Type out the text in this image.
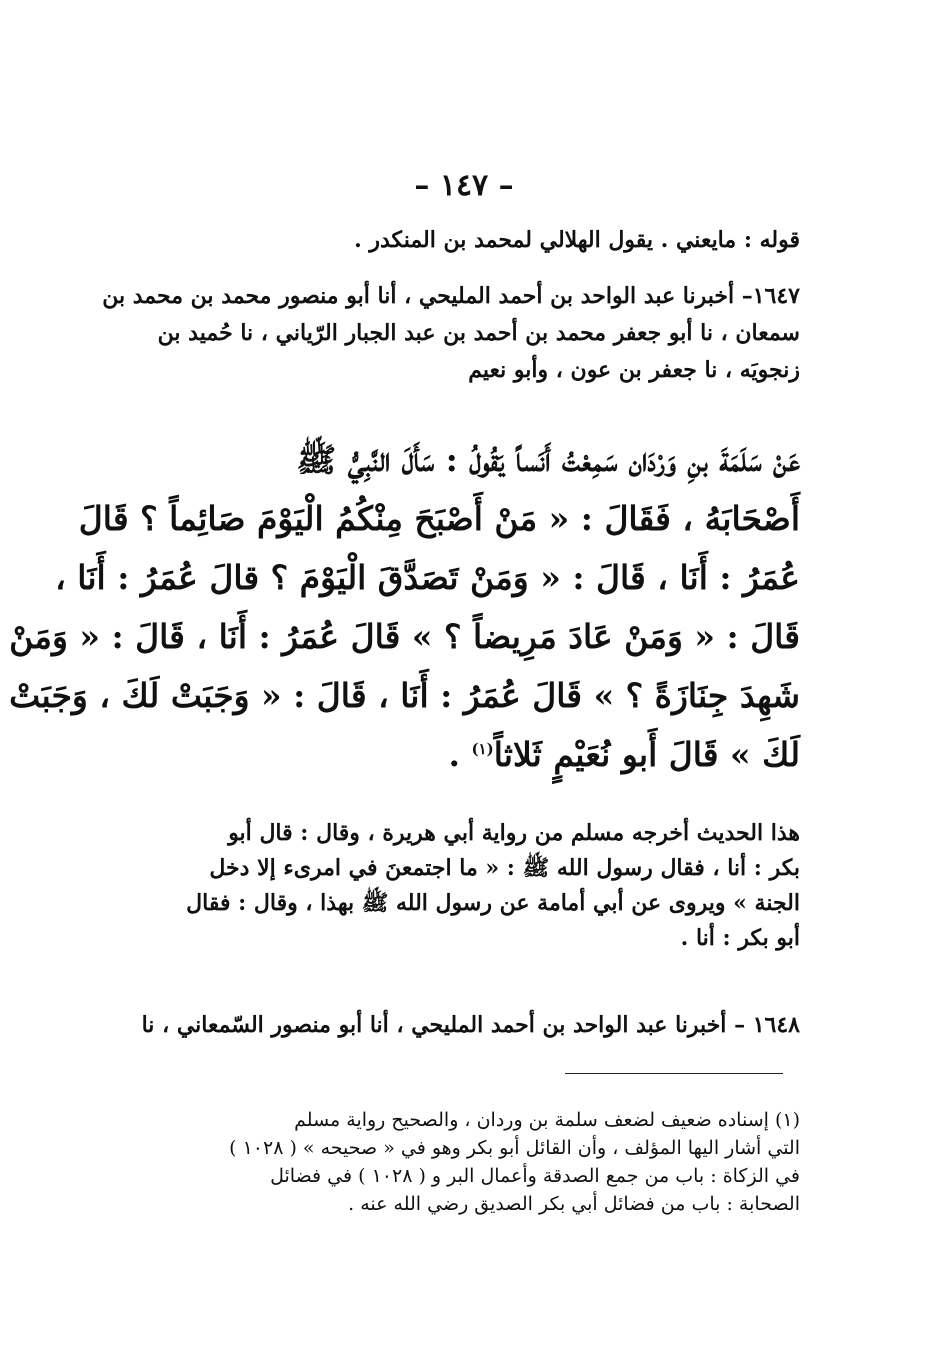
– ١٤٧ –
قوله : مايعني . يقول الهلالي لمحمد بن المنكدر .
١٦٤٧– أخبرنا عبد الواحد بن أحمد المليحي ، أنا أبو منصور محمد بن محمد بن
سمعان ، نا أبو جعفر محمد بن أحمد بن عبد الجبار الرّياني ، نا حُميد بن
زنجويَه ، نا جعفر بن عون ، وأبو نعيم
عَنْ سَلَمَةَ بنِ وَرْدَان سَمِعْتُ أَنَساً يَقُولُ : سَأَلَ النَّبِيُّ ﷺ
أَصْحَابَهُ ، فَقَالَ : « مَنْ أَصْبَحَ مِنْكُمُ الْيَوْمَ صَائِماً ؟ قَالَ
عُمَرُ : أَنَا ، قَالَ : « وَمَنْ تَصَدَّقَ الْيَوْمَ ؟ قالَ عُمَرُ : أَنَا ،
قَالَ : « وَمَنْ عَادَ مَرِيضاً ؟ » قَالَ عُمَرُ : أَنَا ، قَالَ : « وَمَنْ
شَهِدَ جِنَازَةً ؟ » قَالَ عُمَرُ : أَنَا ، قَالَ : « وَجَبَتْ لَكَ ، وَجَبَتْ
لَكَ » قَالَ أَبو نُعَيْمٍ ثَلاثاً$^{(١)}$ .
هذا الحديث أخرجه مسلم من رواية أبي هريرة ، وقال : قال أبو
بكر : أنا ، فقال رسول الله ﷺ : « ما اجتمعنَ في امرىء إلا دخل
الجنة » ويروى عن أبي أمامة عن رسول الله ﷺ بهذا ، وقال : فقال
أبو بكر : أنا .
١٦٤٨ – أخبرنا عبد الواحد بن أحمد المليحي ، أنا أبو منصور السّمعاني ، نا
(١) إسناده ضعيف لضعف سلمة بن وردان ، والصحيح رواية مسلم
التي أشار اليها المؤلف ، وأن القائل أبو بكر وهو في « صحيحه » ( ١٠٢٨ )
في الزكاة : باب من جمع الصدقة وأعمال البر و ( ١٠٢٨ ) في فضائل
الصحابة : باب من فضائل أبي بكر الصديق رضي الله عنه .
